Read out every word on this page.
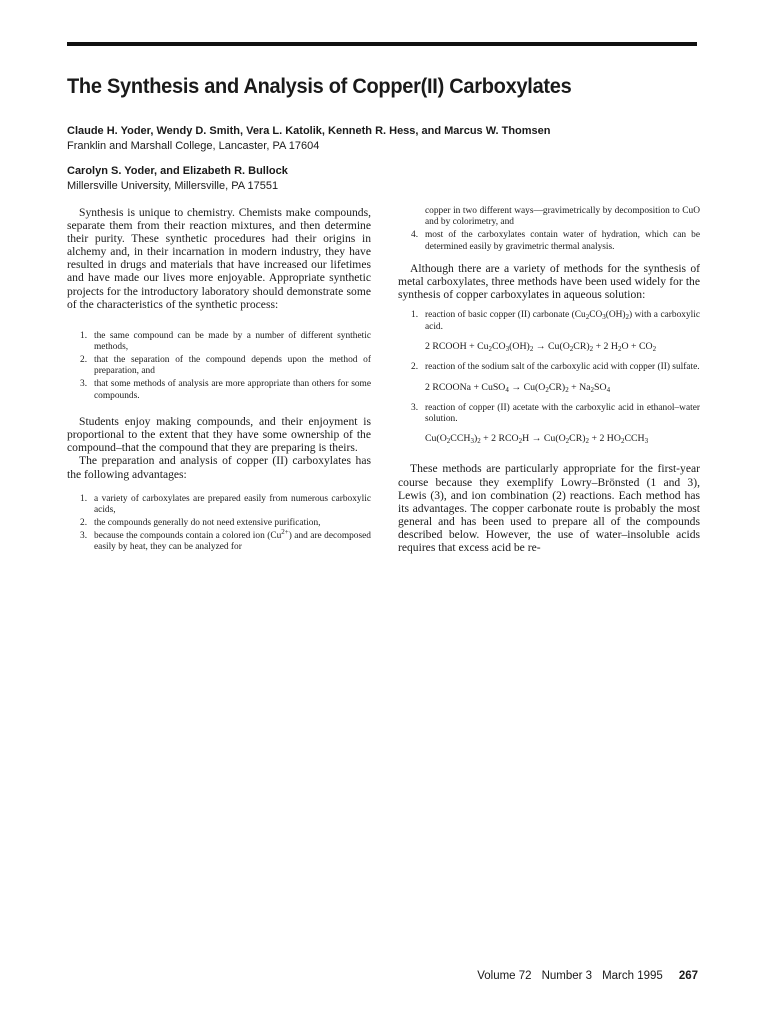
The Synthesis and Analysis of Copper(II) Carboxylates
Claude H. Yoder, Wendy D. Smith, Vera L. Katolik, Kenneth R. Hess, and Marcus W. Thomsen
Franklin and Marshall College, Lancaster, PA 17604
Carolyn S. Yoder, and Elizabeth R. Bullock
Millersville University, Millersville, PA 17551

Synthesis is unique to chemistry. Chemists make compounds, separate them from their reaction mixtures, and then determine their purity. These synthetic procedures had their origins in alchemy and, in their incarnation in modern industry, they have resulted in drugs and materials that have increased our lifetimes and have made our lives more enjoyable. Appropriate synthetic projects for the introductory laboratory should demonstrate some of the characteristics of the synthetic process:

1. the same compound can be made by a number of different synthetic methods,
2. that the separation of the compound depends upon the method of preparation, and
3. that some methods of analysis are more appropriate than others for some compounds.

Students enjoy making compounds, and their enjoyment is proportional to the extent that they have some ownership of the compound–that the compound that they are preparing is theirs.

The preparation and analysis of copper (II) carboxylates has the following advantages:

1. a variety of carboxylates are prepared easily from numerous carboxylic acids,
2. the compounds generally do not need extensive purification,
3. because the compounds contain a colored ion $(Cu^{2+})$ and are decomposed easily by heat, they can be analyzed for
copper in two different ways—gravimetrically by decomposition to CuO and by colorimetry, and
4. most of the carboxylates contain water of hydration, which can be determined easily by gravimetric thermal analysis.

Although there are a variety of methods for the synthesis of metal carboxylates, three methods have been used widely for the synthesis of copper carboxylates in aqueous solution:

1. reaction of basic copper (II) carbonate $(Cu_2CO_3(OH)_2)$ with a carboxylic acid.
2 RCOOH + $Cu_2CO_3(OH)_2 \to Cu(O_2CR)_2 + 2$ $H_2O + CO_2$
2. reaction of the sodium salt of the carboxylic acid with copper (II) sulfate.
2 RCOONa + CuSO$_4$ → $Cu(O_2CR)_2 + Na_2SO_4$
3. reaction of copper (II) acetate with the carboxylic acid in ethanol–water solution.
$Cu(O_2CCH_3)_2 + 2$ $RCO_2H \to Cu(O_2CR)_2 + 2$ $HO_2CCH_3$

These methods are particularly appropriate for the first-year course because they exemplify Lowry–Brönsted (1 and 3), Lewis (3), and ion combination (2) reactions. Each method has its advantages. The copper carbonate route is probably the most general and has been used to prepare all of the compounds described below. However, the use of water–insoluble acids requires that excess acid be re-

Volume 72 Number 3 March 1995 267
